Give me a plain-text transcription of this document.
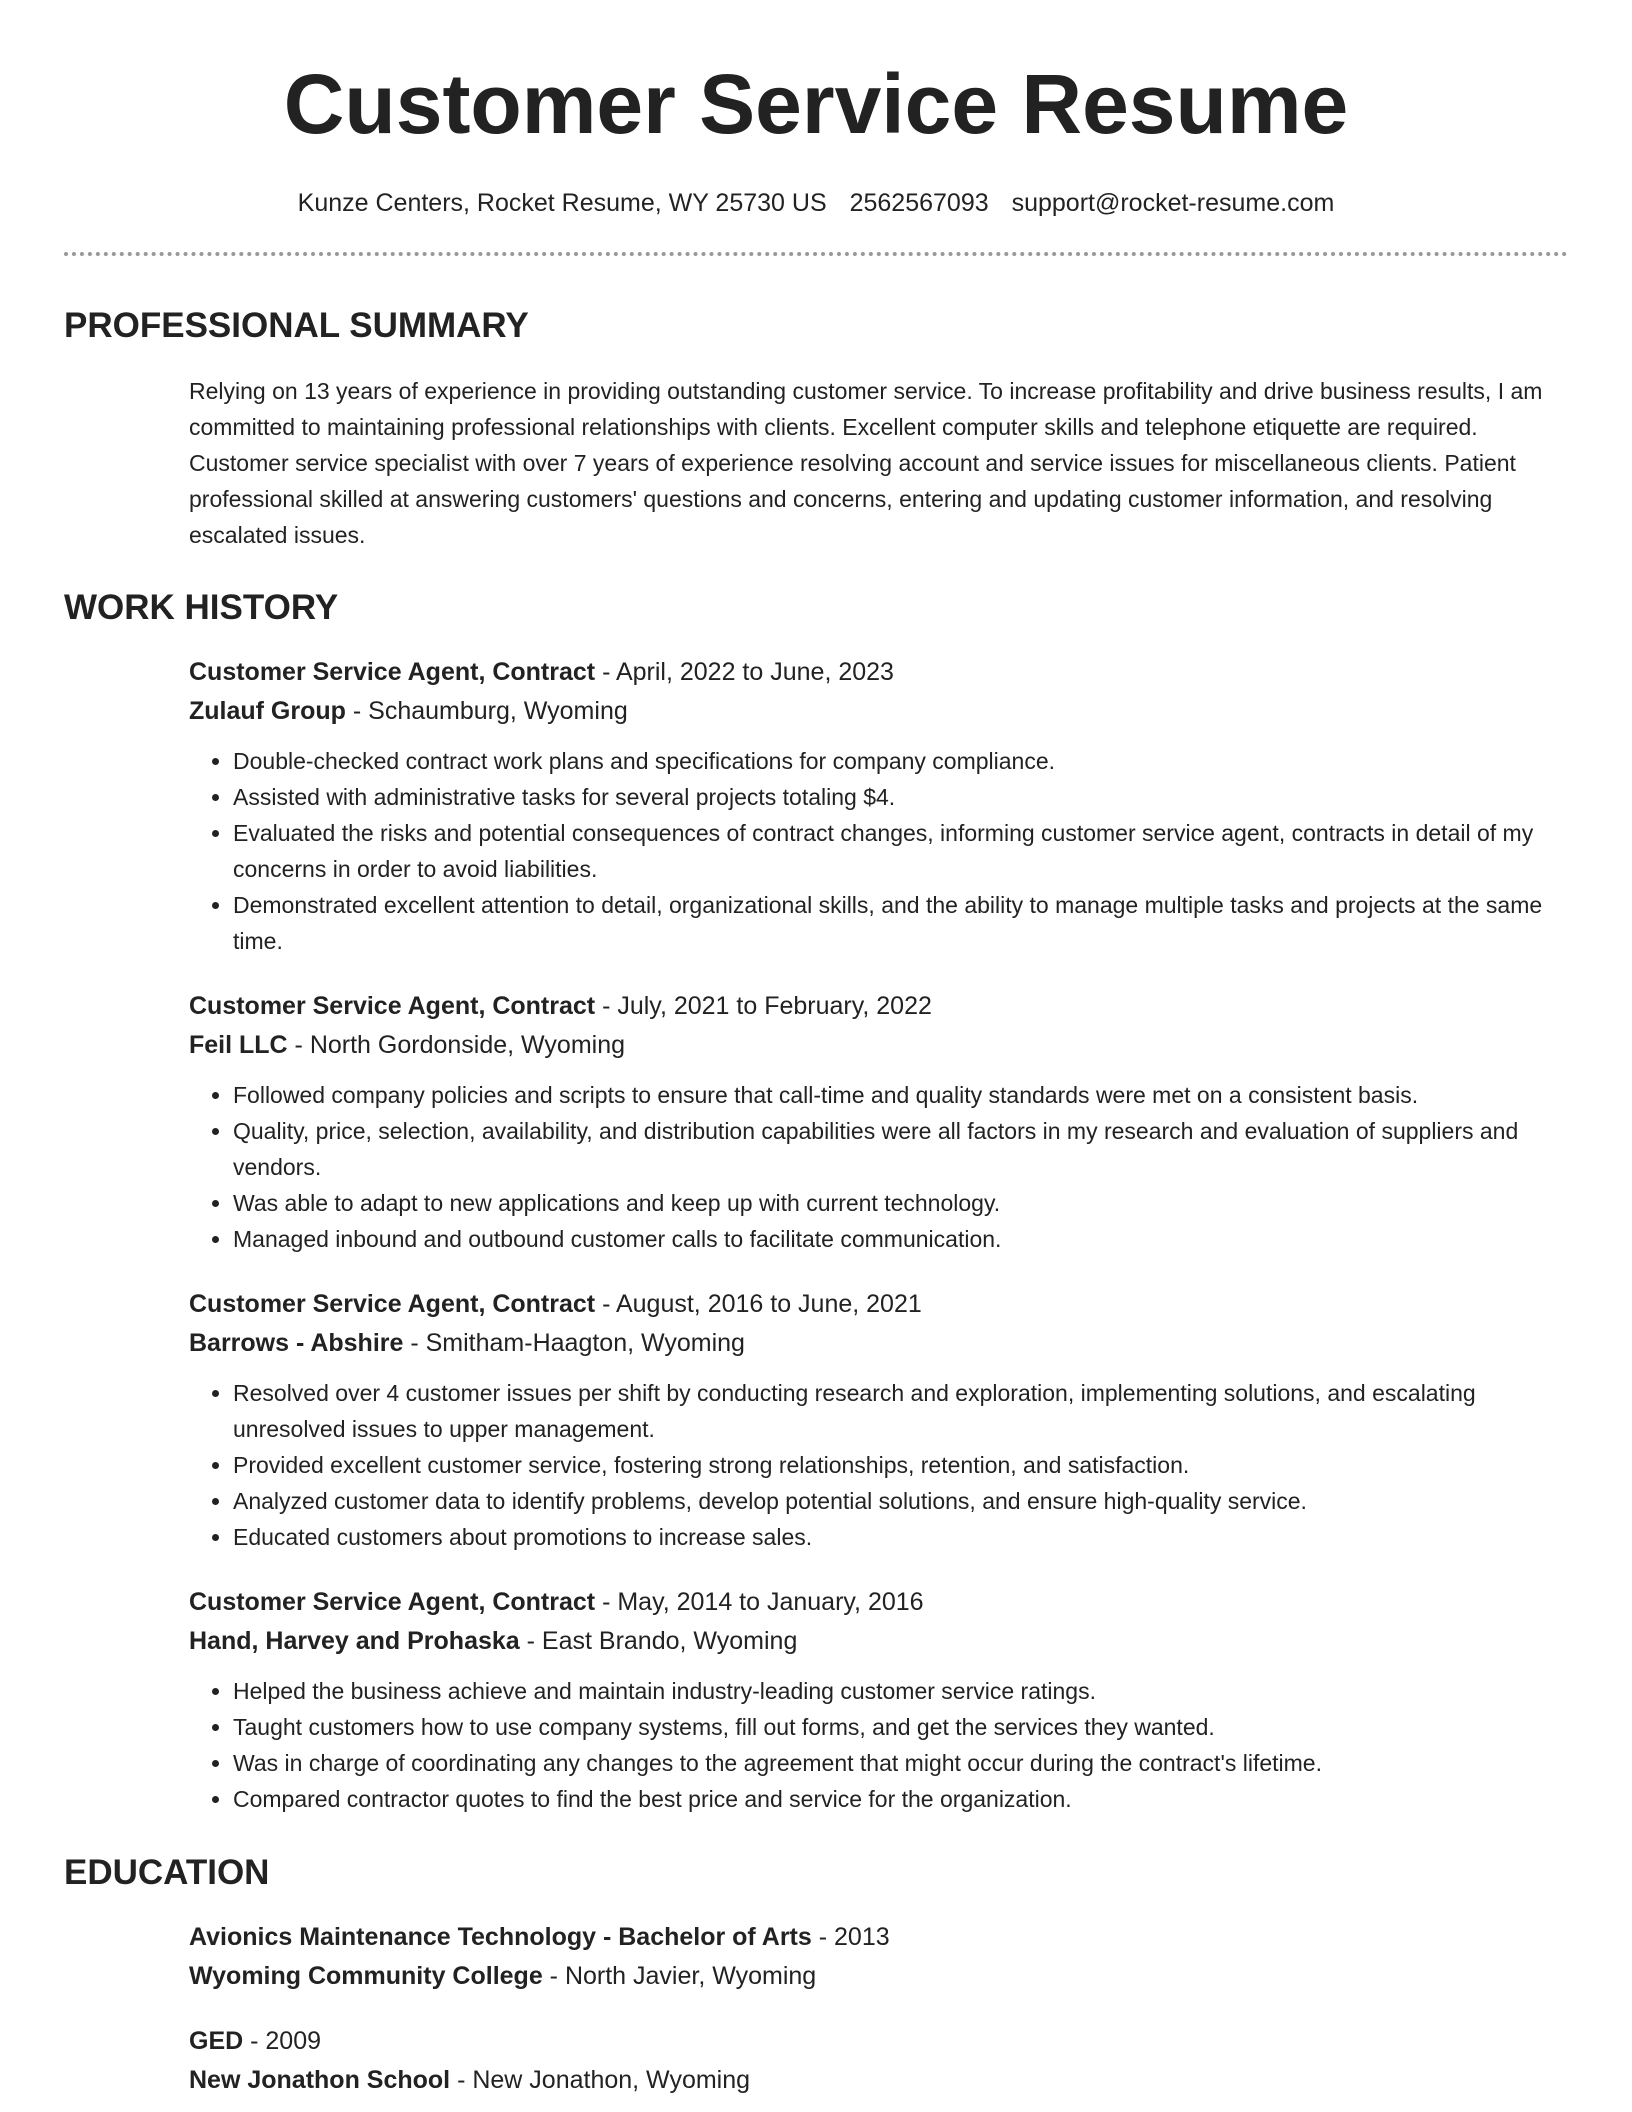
Customer Service Resume
Kunze Centers, Rocket Resume, WY 25730 US 2562567093 support@rocket-resume.com
PROFESSIONAL SUMMARY
Relying on 13 years of experience in providing outstanding customer service. To increase profitability and drive business results, I am committed to maintaining professional relationships with clients. Excellent computer skills and telephone etiquette are required. Customer service specialist with over 7 years of experience resolving account and service issues for miscellaneous clients. Patient professional skilled at answering customers' questions and concerns, entering and updating customer information, and resolving escalated issues.
WORK HISTORY
Customer Service Agent, Contract - April, 2022 to June, 2023
Zulauf Group - Schaumburg, Wyoming
• Double-checked contract work plans and specifications for company compliance.
• Assisted with administrative tasks for several projects totaling $4.
• Evaluated the risks and potential consequences of contract changes, informing customer service agent, contracts in detail of my concerns in order to avoid liabilities.
• Demonstrated excellent attention to detail, organizational skills, and the ability to manage multiple tasks and projects at the same time.
Customer Service Agent, Contract - July, 2021 to February, 2022
Feil LLC - North Gordonside, Wyoming
• Followed company policies and scripts to ensure that call-time and quality standards were met on a consistent basis.
• Quality, price, selection, availability, and distribution capabilities were all factors in my research and evaluation of suppliers and vendors.
• Was able to adapt to new applications and keep up with current technology.
• Managed inbound and outbound customer calls to facilitate communication.
Customer Service Agent, Contract - August, 2016 to June, 2021
Barrows - Abshire - Smitham-Haagton, Wyoming
• Resolved over 4 customer issues per shift by conducting research and exploration, implementing solutions, and escalating unresolved issues to upper management.
• Provided excellent customer service, fostering strong relationships, retention, and satisfaction.
• Analyzed customer data to identify problems, develop potential solutions, and ensure high-quality service.
• Educated customers about promotions to increase sales.
Customer Service Agent, Contract - May, 2014 to January, 2016
Hand, Harvey and Prohaska - East Brando, Wyoming
• Helped the business achieve and maintain industry-leading customer service ratings.
• Taught customers how to use company systems, fill out forms, and get the services they wanted.
• Was in charge of coordinating any changes to the agreement that might occur during the contract's lifetime.
• Compared contractor quotes to find the best price and service for the organization.
EDUCATION
Avionics Maintenance Technology - Bachelor of Arts - 2013
Wyoming Community College - North Javier, Wyoming
GED - 2009
New Jonathon School - New Jonathon, Wyoming
